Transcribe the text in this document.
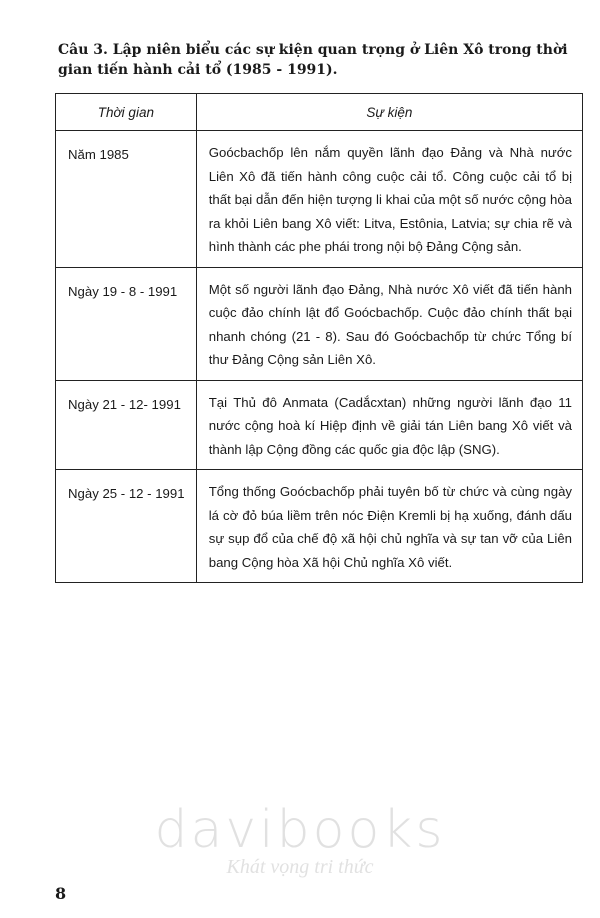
Câu 3. Lập niên biểu các sự kiện quan trọng ở Liên Xô trong thời gian tiến hành cải tổ (1985 - 1991).

Thời gian	Sự kiện
Năm 1985	Goócbachốp lên nắm quyền lãnh đạo Đảng và Nhà nước Liên Xô đã tiến hành công cuộc cải tổ. Công cuộc cải tổ bị thất bại dẫn đến hiện tượng li khai của một số nước cộng hòa ra khỏi Liên bang Xô viết: Litva, Estônia, Latvia; sự chia rẽ và hình thành các phe phái trong nội bộ Đảng Cộng sản.
Ngày 19 - 8 - 1991	Một số người lãnh đạo Đảng, Nhà nước Xô viết đã tiến hành cuộc đảo chính lật đổ Goócbachốp. Cuộc đảo chính thất bại nhanh chóng (21 - 8). Sau đó Goócbachốp từ chức Tổng bí thư Đảng Cộng sản Liên Xô.
Ngày 21 - 12- 1991	Tại Thủ đô Anmata (Cadắcxtan) những người lãnh đạo 11 nước cộng hoà kí Hiệp định về giải tán Liên bang Xô viết và thành lập Cộng đồng các quốc gia độc lập (SNG).
Ngày 25 - 12 - 1991	Tổng thống Goócbachốp phải tuyên bố từ chức và cùng ngày lá cờ đỏ búa liềm trên nóc Điện Kremli bị hạ xuống, đánh dấu sự sụp đổ của chế độ xã hội chủ nghĩa và sự tan vỡ của Liên bang Cộng hòa Xã hội Chủ nghĩa Xô viết.
davibooks
Khát vọng tri thức
8
